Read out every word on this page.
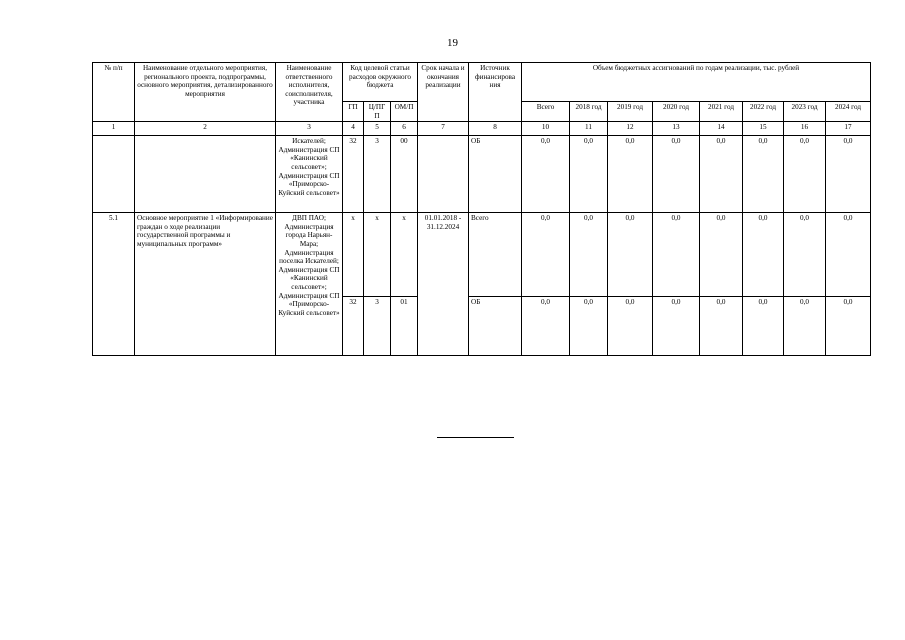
19
№ п/п	Наименование отдельного мероприятия, регионального проекта, подпрограммы, основного мероприятия, детализированного мероприятия	Наименование ответственного исполнителя, соисполнителя, участника	Код целевой статьи расходов окружного бюджета			Срок начала и окончания реализации	Источник финансирова ния	Объем бюджетных ассигнований по годам реализации, тыс. рублей							
			ГП	Ц/ПГ П	ОМ/П			Всего	2018 год	2019 год	2020 год	2021 год	2022 год	2023 год	2024 год
1	2	3	4	5	6	7	8	10	11	12	13	14	15	16	17
		Искателей; Администрация СП «Канинский сельсовет»; Администрация СП «Приморско-Куйский сельсовет»	32	3	00		ОБ	0,0	0,0	0,0	0,0	0,0	0,0	0,0	0,0
5.1	Основное мероприятие 1 «Информирование граждан о ходе реализации государственной программы и муниципальных программ»	ДВП ПАО; Администрация города Нарьян-Мара; Администрация поселка Искателей; Администрация СП «Канинский сельсовет»; Администрация СП «Приморско-Куйский сельсовет»	х	х	х	01.01.2018 - 31.12.2024	Всего	0,0	0,0	0,0	0,0	0,0	0,0	0,0	0,0
			32	3	01		ОБ	0,0	0,0	0,0	0,0	0,0	0,0	0,0	0,0
